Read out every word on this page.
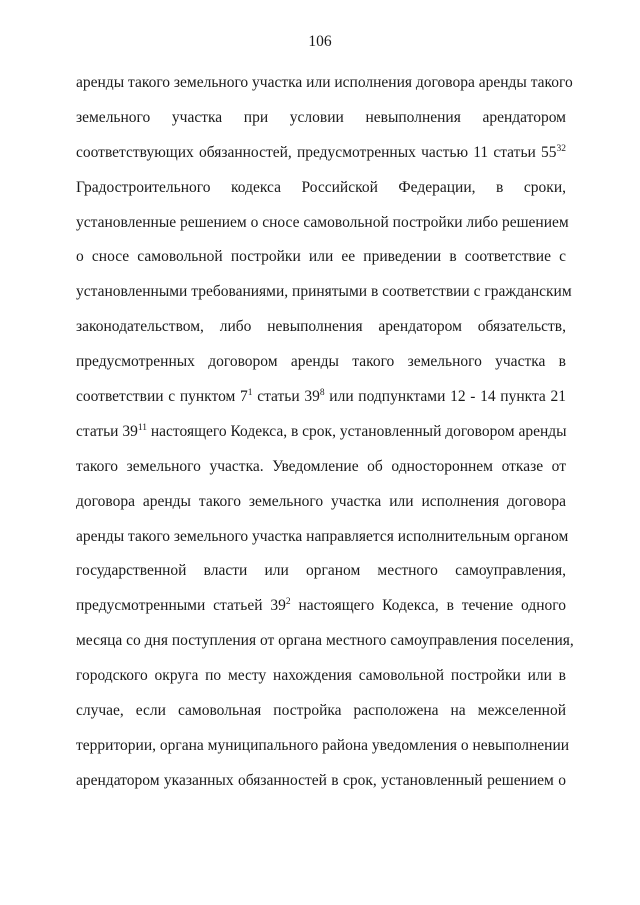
106
аренды такого земельного участка или исполнения договора аренды такого
земельного участка при условии невыполнения арендатором
соответствующих обязанностей, предусмотренных частью 11 статьи $55^{32}$
Градостроительного кодекса Российской Федерации, в сроки,
установленные решением о сносе самовольной постройки либо решением
о сносе самовольной постройки или ее приведении в соответствие с
установленными требованиями, принятыми в соответствии с гражданским
законодательством, либо невыполнения арендатором обязательств,
предусмотренных договором аренды такого земельного участка в
соответствии с пунктом $7^1$ статьи $39^8$ или подпунктами 12 - 14 пункта 21
статьи $39^{11}$ настоящего Кодекса, в срок, установленный договором аренды
такого земельного участка. Уведомление об одностороннем отказе от
договора аренды такого земельного участка или исполнения договора
аренды такого земельного участка направляется исполнительным органом
государственной власти или органом местного самоуправления,
предусмотренными статьей $39^2$ настоящего Кодекса, в течение одного
месяца со дня поступления от органа местного самоуправления поселения,
городского округа по месту нахождения самовольной постройки или в
случае, если самовольная постройка расположена на межселенной
территории, органа муниципального района уведомления о невыполнении
арендатором указанных обязанностей в срок, установленный решением о
